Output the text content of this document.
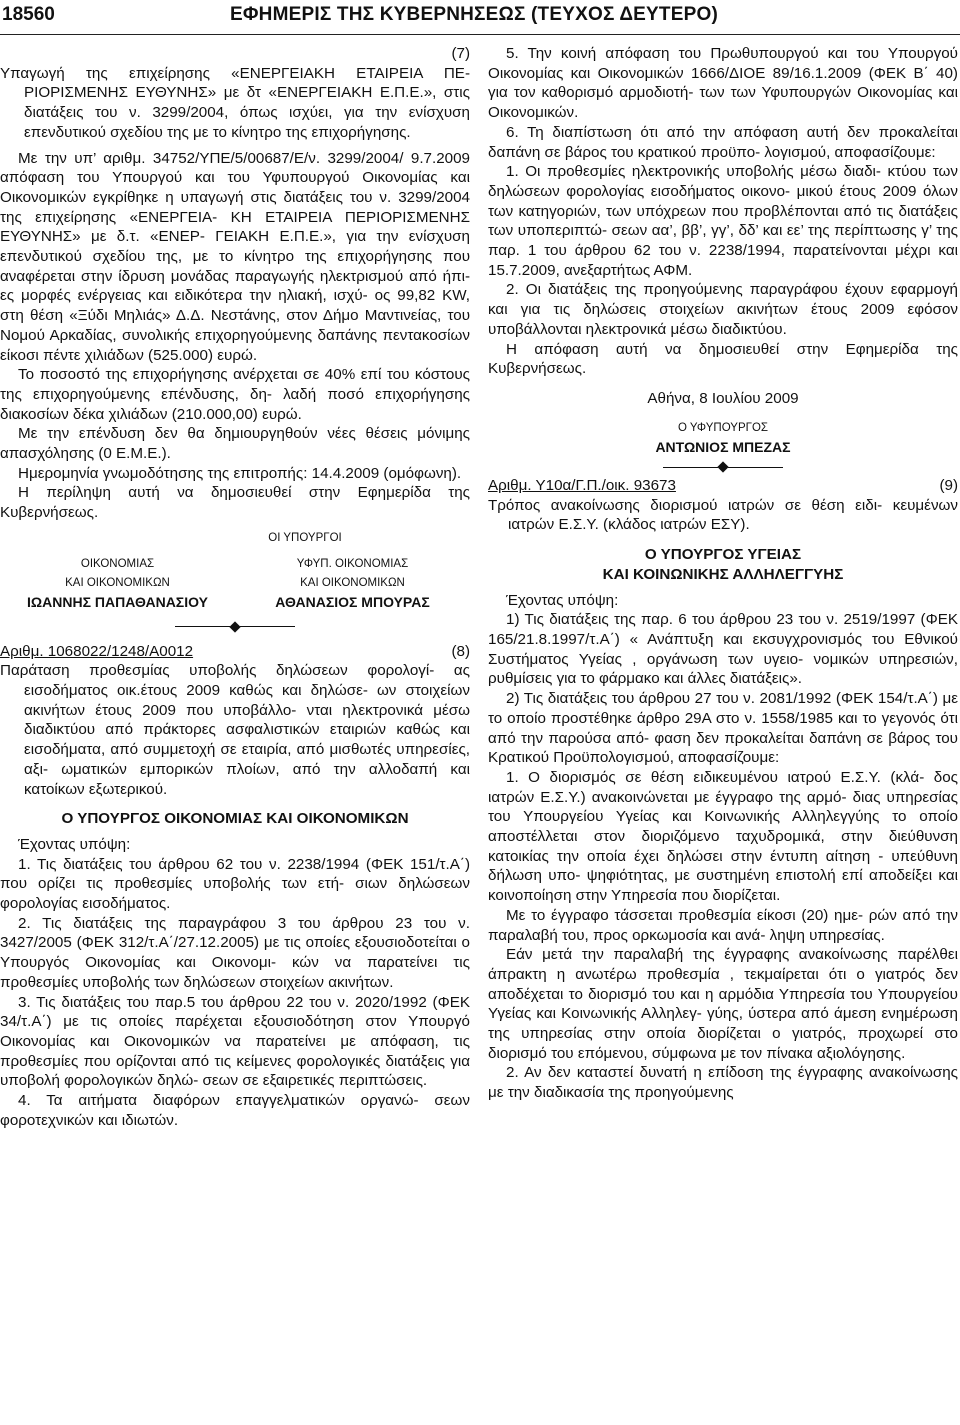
18560	ΕΦΗΜΕΡΙΣ ΤΗΣ ΚΥΒΕΡΝΗΣΕΩΣ (ΤΕΥΧΟΣ ΔΕΥΤΕΡΟ)

(7)

Υπαγωγή της επιχείρησης «ΕΝΕΡΓΕΙΑΚΗ ΕΤΑΙΡΕΙΑ ΠΕ- ΡΙΟΡΙΣΜΕΝΗΣ ΕΥΘΥΝΗΣ» με δτ «ΕΝΕΡΓΕΙΑΚΗ Ε.Π.Ε.», στις διατάξεις του ν. 3299/2004, όπως ισχύει, για την ενίσχυση επενδυτικού σχεδίου της με το κίνητρο της επιχορήγησης.

Με την υπ’ αριθμ. 34752/ΥΠΕ/5/00687/Ε/ν. 3299/2004/ 9.7.2009 απόφαση του Υπουργού και του Υφυπουργού Οικονομίας και Οικονομικών εγκρίθηκε η υπαγωγή στις διατάξεις του ν. 3299/2004 της επιχείρησης «ΕΝΕΡΓΕΙΑ- ΚΗ ΕΤΑΙΡΕΙΑ ΠΕΡΙΟΡΙΣΜΕΝΗΣ ΕΥΘΥΝΗΣ» με δ.τ. «ΕΝΕΡ- ΓΕΙΑΚΗ Ε.Π.Ε.», για την ενίσχυση επενδυτικού σχεδίου της, με το κίνητρο της επιχορήγησης που αναφέρεται στην ίδρυση μονάδας παραγωγής ηλεκτρισμού από ήπι- ες μορφές ενέργειας και ειδικότερα την ηλιακή, ισχύ- ος 99,82 KW, στη θέση «Ξύδι Μηλιάς» Δ.Δ. Νεστάνης, στον Δήμο Μαντινείας, του Νομού Αρκαδίας, συνολικής επιχορηγούμενης δαπάνης πεντακοσίων είκοσι πέντε χιλιάδων (525.000) ευρώ.

Το ποσοστό της επιχορήγησης ανέρχεται σε 40% επί του κόστους της επιχορηγούμενης επένδυσης, δη- λαδή ποσό επιχορήγησης διακοσίων δέκα χιλιάδων (210.000,00) ευρώ.

Με την επένδυση δεν θα δημιουργηθούν νέες θέσεις μόνιμης απασχόλησης (0 Ε.Μ.Ε.).

Ημερομηνία γνωμοδότησης της επιτροπής: 14.4.2009 (ομόφωνη).

Η περίληψη αυτή να δημοσιευθεί στην Εφημερίδα της Κυβερνήσεως.

ΟΙ ΥΠΟΥΡΓΟΙ

ΟΙΚΟΝΟΜΙΑΣ
ΚΑΙ ΟΙΚΟΝΟΜΙΚΩΝ
ΙΩΑΝΝΗΣ ΠΑΠΑΘΑΝΑΣΙΟΥ
ΥΦΥΠ. ΟΙΚΟΝΟΜΙΑΣ
ΚΑΙ ΟΙΚΟΝΟΜΙΚΩΝ
ΑΘΑΝΑΣΙΟΣ ΜΠΟΥΡΑΣ
Αριθμ. 1068022/1248/Α0012	(8)

Παράταση προθεσμίας υποβολής δηλώσεων φορολογί- ας εισοδήματος οικ.έτους 2009 καθώς και δηλώσε- ων στοιχείων ακινήτων έτους 2009 που υποβάλλο- νται ηλεκτρονικά μέσω διαδικτύου από πράκτορες ασφαλιστικών εταιριών καθώς και εισοδήματα, από συμμετοχή σε εταιρία, από μισθωτές υπηρεσίες, αξι- ωματικών εμπορικών πλοίων, από την αλλοδαπή και κατοίκων εξωτερικού.

Ο ΥΠΟΥΡΓΟΣ ΟΙΚΟΝΟΜΙΑΣ ΚΑΙ ΟΙΚΟΝΟΜΙΚΩΝ

Έχοντας υπόψη:

1. Τις διατάξεις του άρθρου 62 του ν. 2238/1994 (ΦΕΚ 151/τ.Α΄) που ορίζει τις προθεσμίες υποβολής των ετή- σιων δηλώσεων φορολογίας εισοδήματος.

2. Τις διατάξεις της παραγράφου 3 του άρθρου 23 του ν. 3427/2005 (ΦΕΚ 312/τ.Α΄/27.12.2005) με τις οποίες εξουσιοδοτείται ο Υπουργός Οικονομίας και Οικονομι- κών να παρατείνει τις προθεσμίες υποβολής των δηλώσεων στοιχείων ακινήτων.

3. Τις διατάξεις του παρ.5 του άρθρου 22 του ν. 2020/1992 (ΦΕΚ 34/τ.Α΄) με τις οποίες παρέχεται εξουσιοδότηση στον Υπουργό Οικονομίας και Οικονομικών να παρατείνει με απόφαση, τις προθεσμίες που ορίζονται από τις κείμενες φορολογικές διατάξεις για υποβολή φορολογικών δηλώ- σεων σε εξαιρετικές περιπτώσεις.

4. Τα αιτήματα διαφόρων επαγγελματικών οργανώ- σεων φοροτεχνικών και ιδιωτών.

5. Την κοινή απόφαση του Πρωθυπουργού και του Υπουργού Οικονομίας και Οικονομικών 1666/ΔΙΟΕ 89/16.1.2009 (ΦΕΚ Β΄ 40) για τον καθορισμό αρμοδιοτή- των των Υφυπουργών Οικονομίας και Οικονομικών.

6. Τη διαπίστωση ότι από την απόφαση αυτή δεν προκαλείται δαπάνη σε βάρος του κρατικού προϋπο- λογισμού, αποφασίζουμε:

1. Οι προθεσμίες ηλεκτρονικής υποβολής μέσω διαδι- κτύου των δηλώσεων φορολογίας εισοδήματος οικονο- μικού έτους 2009 όλων των κατηγοριών, των υπόχρεων που προβλέπονται από τις διατάξεις των υποπεριπτώ- σεων αα’, ββ’, γγ’, δδ’ και εε’ της περίπτωσης γ’ της παρ. 1 του άρθρου 62 του ν. 2238/1994, παρατείνονται μέχρι και 15.7.2009, ανεξαρτήτως ΑΦΜ.

2. Οι διατάξεις της προηγούμενης παραγράφου έχουν εφαρμογή και για τις δηλώσεις στοιχείων ακινήτων έτους 2009 εφόσον υποβάλλονται ηλεκτρονικά μέσω διαδικτύου.

Η απόφαση αυτή να δημοσιευθεί στην Εφημερίδα της Κυβερνήσεως.

Αθήνα, 8 Ιουλίου 2009

Ο ΥΦΥΠΟΥΡΓΟΣ

ΑΝΤΩΝΙΟΣ ΜΠΕΖΑΣ

Αριθμ. Υ10α/Γ.Π./οικ. 93673	(9)

Τρόπος ανακοίνωσης διορισμού ιατρών σε θέση ειδι- κευμένων ιατρών Ε.Σ.Υ. (κλάδος ιατρών ΕΣΥ).

Ο ΥΠΟΥΡΓΟΣ ΥΓΕΙΑΣ

ΚΑΙ ΚΟΙΝΩΝΙΚΗΣ ΑΛΛΗΛΕΓΓΥΗΣ

Έχοντας υπόψη:

1) Τις διατάξεις της παρ. 6 του άρθρου 23 του ν. 2519/1997 (ΦΕΚ 165/21.8.1997/τ.Α΄) « Ανάπτυξη και εκσυγχρονισμός του Εθνικού Συστήματος Υγείας , οργάνωση των υγειο- νομικών υπηρεσιών, ρυθμίσεις για το φάρμακο και άλλες διατάξεις».

2) Τις διατάξεις του άρθρου 27 του ν. 2081/1992 (ΦΕΚ 154/τ.Α΄) με το οποίο προστέθηκε άρθρο 29Α στο ν. 1558/1985 και το γεγονός ότι από την παρούσα από- φαση δεν προκαλείται δαπάνη σε βάρος του Κρατικού Προϋπολογισμού, αποφασίζουμε:

1. Ο διορισμός σε θέση ειδικευμένου ιατρού Ε.Σ.Υ. (κλά- δος ιατρών Ε.Σ.Υ.) ανακοινώνεται με έγγραφο της αρμό- διας υπηρεσίας του Υπουργείου Υγείας και Κοινωνικής Αλληλεγγύης το οποίο αποστέλλεται στον διοριζόμενο ταχυδρομικά, στην διεύθυνση κατοικίας την οποία έχει δηλώσει στην έντυπη αίτηση - υπεύθυνη δήλωση υπο- ψηφιότητας, με συστημένη επιστολή επί αποδείξει και κοινοποίηση στην Υπηρεσία που διορίζεται.

Με το έγγραφο τάσσεται προθεσμία είκοσι (20) ημε- ρών από την παραλαβή του, προς ορκωμοσία και ανά- ληψη υπηρεσίας.

Εάν μετά την παραλαβή της έγγραφης ανακοίνωσης παρέλθει άπρακτη η ανωτέρω προθεσμία , τεκμαίρεται ότι ο γιατρός δεν αποδέχεται το διορισμό του και η αρμόδια Υπηρεσία του Υπουργείου Υγείας και Κοινωνικής Αλληλεγ- γύης, ύστερα από άμεση ενημέρωση της υπηρεσίας στην οποία διορίζεται ο γιατρός, προχωρεί στο διορισμό του επόμενου, σύμφωνα με τον πίνακα αξιολόγησης.

2. Αν δεν καταστεί δυνατή η επίδοση της έγγραφης ανακοίνωσης με την διαδικασία της προηγούμενης
